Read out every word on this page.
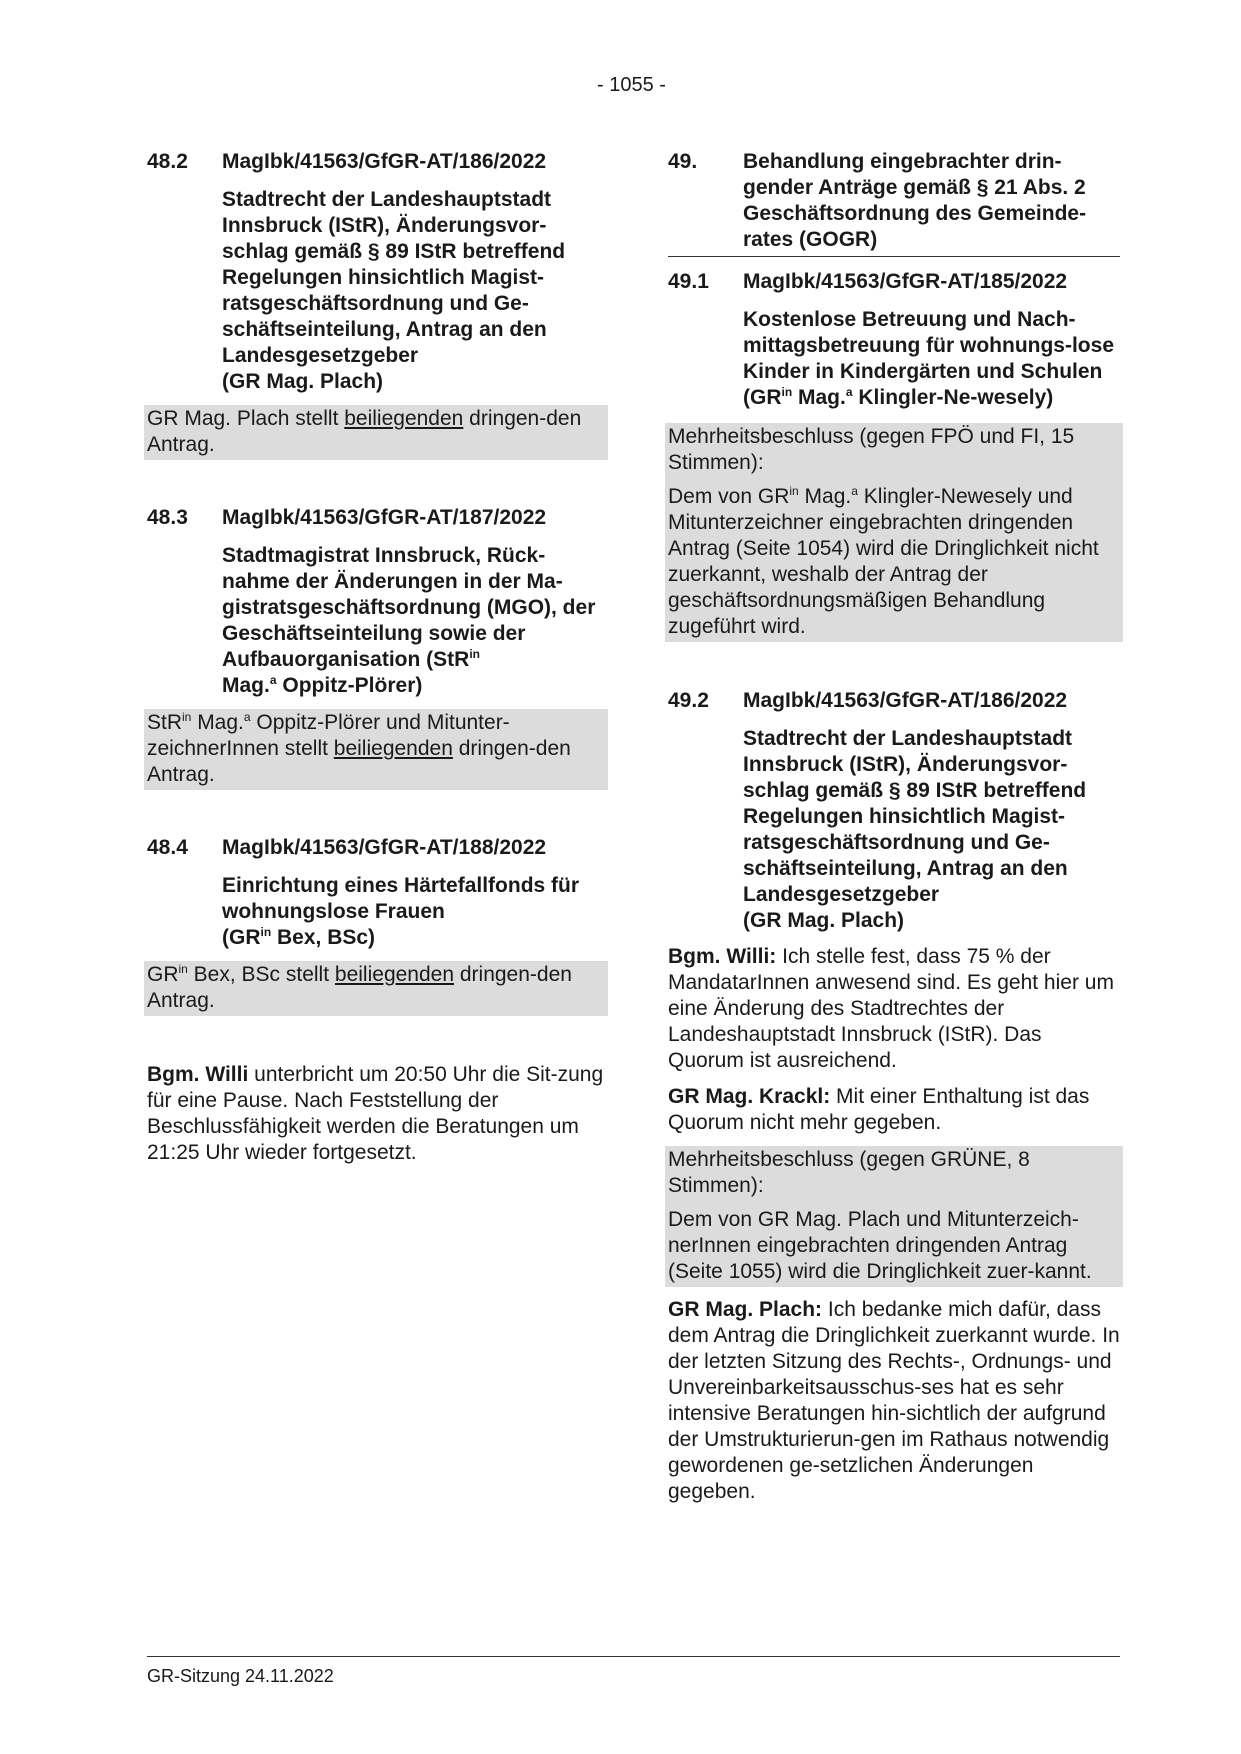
- 1055 -
48.2	MagIbk/41563/GfGR-AT/186/2022
Stadtrecht der Landeshauptstadt Innsbruck (IStR), Änderungsvor-schlag gemäß § 89 IStR betreffend Regelungen hinsichtlich Magist-ratsgeschäftsordnung und Ge-schäftseinteilung, Antrag an den Landesgesetzgeber
(GR Mag. Plach)
GR Mag. Plach stellt beiliegenden dringen-den Antrag.
48.3	MagIbk/41563/GfGR-AT/187/2022
Stadtmagistrat Innsbruck, Rück-nahme der Änderungen in der Ma-gistratsgeschäftsordnung (MGO), der Geschäftseinteilung sowie der Aufbauorganisation (StR$^{in}$
Mag.$^a$ Oppitz-Plörer)
StR$^{in}$ Mag.$^a$ Oppitz-Plörer und Mitunter-zeichnerInnen stellt beiliegenden dringen-den Antrag.
48.4	MagIbk/41563/GfGR-AT/188/2022
Einrichtung eines Härtefallfonds für wohnungslose Frauen
($GR^{in}$ Bex, BSc)
$GR^{in}$ Bex, BSc stellt beiliegenden dringen-den Antrag.
Bgm. Willi unterbricht um 20:50 Uhr die Sit-zung für eine Pause. Nach Feststellung der Beschlussfähigkeit werden die Beratungen um 21:25 Uhr wieder fortgesetzt.
49.	Behandlung eingebrachter drin-gender Anträge gemäß § 21 Abs. 2 Geschäftsordnung des Gemeinde-rates (GOGR)
49.1	MagIbk/41563/GfGR-AT/185/2022
Kostenlose Betreuung und Nach-mittagsbetreuung für wohnungs-lose Kinder in Kindergärten und Schulen ($GR^{in}$ Mag.$^a$ Klingler-Ne-wesely)
Mehrheitsbeschluss (gegen FPÖ und FI, 15 Stimmen):
Dem von $GR^{in}$ Mag.$^a$ Klingler-Newesely und Mitunterzeichner eingebrachten dringenden Antrag (Seite 1054) wird die Dringlichkeit nicht zuerkannt, weshalb der Antrag der geschäftsordnungsmäßigen Behandlung zugeführt wird.
49.2	MagIbk/41563/GfGR-AT/186/2022
Stadtrecht der Landeshauptstadt Innsbruck (IStR), Änderungsvor-schlag gemäß § 89 IStR betreffend Regelungen hinsichtlich Magist-ratsgeschäftsordnung und Ge-schäftseinteilung, Antrag an den Landesgesetzgeber
(GR Mag. Plach)
Bgm. Willi: Ich stelle fest, dass 75 % der MandatarInnen anwesend sind. Es geht hier um eine Änderung des Stadtrechtes der Landeshauptstadt Innsbruck (IStR). Das Quorum ist ausreichend.
GR Mag. Krackl: Mit einer Enthaltung ist das Quorum nicht mehr gegeben.
Mehrheitsbeschluss (gegen GRÜNE, 8 Stimmen):
Dem von GR Mag. Plach und Mitunterzeich-nerInnen eingebrachten dringenden Antrag (Seite 1055) wird die Dringlichkeit zuer-kannt.
GR Mag. Plach: Ich bedanke mich dafür, dass dem Antrag die Dringlichkeit zuerkannt wurde. In der letzten Sitzung des Rechts-, Ordnungs- und Unvereinbarkeitsausschus-ses hat es sehr intensive Beratungen hin-sichtlich der aufgrund der Umstrukturierun-gen im Rathaus notwendig gewordenen ge-setzlichen Änderungen gegeben.
GR-Sitzung 24.11.2022
